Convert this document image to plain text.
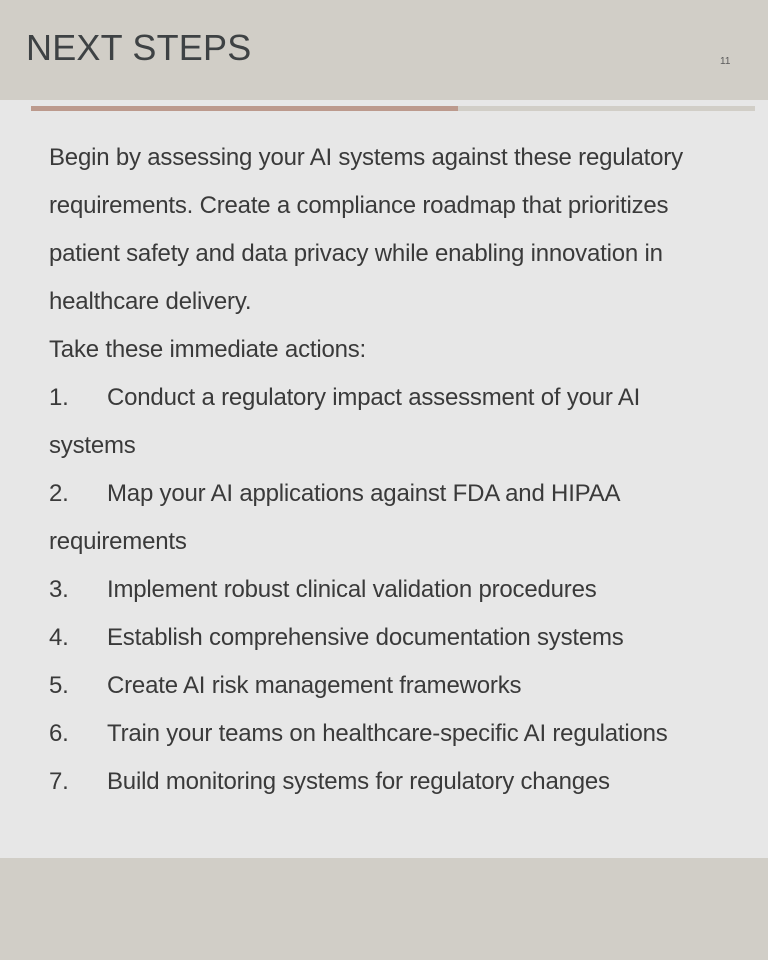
NEXT STEPS	11

Begin by assessing your AI systems against these regulatory requirements. Create a compliance roadmap that prioritizes patient safety and data privacy while enabling innovation in healthcare delivery.

Take these immediate actions:

1. Conduct a regulatory impact assessment of your AI systems
2. Map your AI applications against FDA and HIPAA requirements
3. Implement robust clinical validation procedures
4. Establish comprehensive documentation systems
5. Create AI risk management frameworks
6. Train your teams on healthcare-specific AI regulations
7. Build monitoring systems for regulatory changes
